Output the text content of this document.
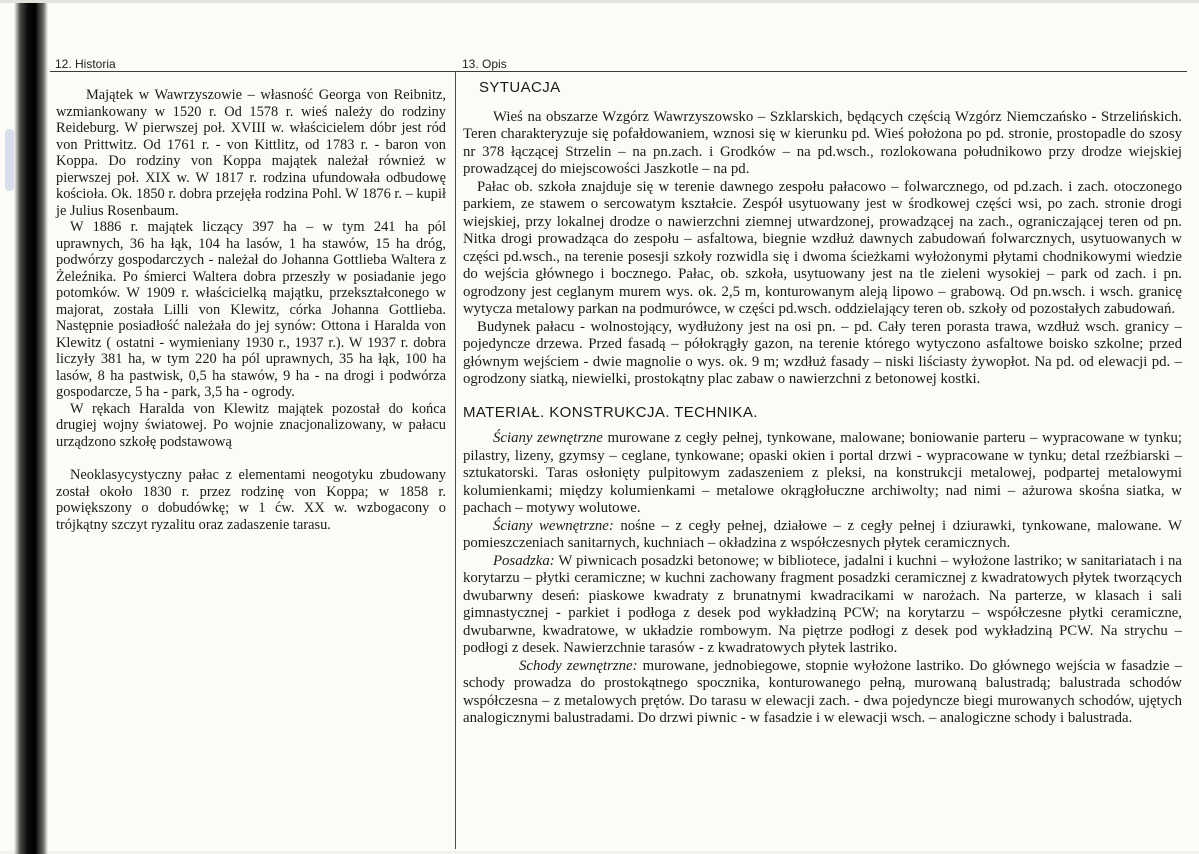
12. Historia	13. Opis

Majątek w Wawrzyszowie – własność Georga von Reibnitz, wzmiankowany w 1520 r. Od 1578 r. wieś należy do rodziny Reideburg. W pierwszej poł. XVIII w. właścicielem dóbr jest ród von Prittwitz. Od 1761 r. - von Kittlitz, od 1783 r. - baron von Koppa. Do rodziny von Koppa majątek należał również w pierwszej poł. XIX w. W 1817 r. rodzina ufundowała odbudowę kościoła. Ok. 1850 r. dobra przejęła rodzina Pohl. W 1876 r. – kupił je Julius Rosenbaum.

W 1886 r. majątek liczący 397 ha – w tym 241 ha pól uprawnych, 36 ha łąk, 104 ha lasów, 1 ha stawów, 15 ha dróg, podwórzy gospodarczych - należał do Johanna Gottlieba Waltera z Żeleźnika. Po śmierci Waltera dobra przeszły w posiadanie jego potomków. W 1909 r. właścicielką majątku, przekształconego w majorat, została Lilli von Klewitz, córka Johanna Gottlieba. Następnie posiadłość należała do jej synów: Ottona i Haralda von Klewitz ( ostatni - wymieniany 1930 r., 1937 r.). W 1937 r. dobra liczyły 381 ha, w tym 220 ha pól uprawnych, 35 ha łąk, 100 ha lasów, 8 ha pastwisk, 0,5 ha stawów, 9 ha - na drogi i podwórza gospodarcze, 5 ha - park, 3,5 ha - ogrody.

W rękach Haralda von Klewitz majątek pozostał do końca drugiej wojny światowej. Po wojnie znacjonalizowany, w pałacu urządzono szkołę podstawową

Neoklasycystyczny pałac z elementami neogotyku zbudowany został około 1830 r. przez rodzinę von Koppa; w 1858 r. powiększony o dobudówkę; w 1 ćw. XX w. wzbogacony o trójkątny szczyt ryzalitu oraz zadaszenie tarasu.

SYTUACJA

Wieś na obszarze Wzgórz Wawrzyszowsko – Szklarskich, będących częścią Wzgórz Niemczańsko - Strzelińskich. Teren charakteryzuje się pofałdowaniem, wznosi się w kierunku pd. Wieś położona po pd. stronie, prostopadle do szosy nr 378 łączącej Strzelin – na pn.zach. i Grodków – na pd.wsch., rozlokowana południkowo przy drodze wiejskiej prowadzącej do miejscowości Jaszkotle – na pd.

Pałac ob. szkoła znajduje się w terenie dawnego zespołu pałacowo – folwarcznego, od pd.zach. i zach. otoczonego parkiem, ze stawem o sercowatym kształcie. Zespół usytuowany jest w środkowej części wsi, po zach. stronie drogi wiejskiej, przy lokalnej drodze o nawierzchni ziemnej utwardzonej, prowadzącej na zach., ograniczającej teren od pn. Nitka drogi prowadząca do zespołu – asfaltowa, biegnie wzdłuż dawnych zabudowań folwarcznych, usytuowanych w części pd.wsch., na terenie posesji szkoły rozwidla się i dwoma ścieżkami wyłożonymi płytami chodnikowymi wiedzie do wejścia głównego i bocznego. Pałac, ob. szkoła, usytuowany jest na tle zieleni wysokiej – park od zach. i pn. ogrodzony jest ceglanym murem wys. ok. 2,5 m, konturowanym aleją lipowo – grabową. Od pn.wsch. i wsch. granicę wytycza metalowy parkan na podmurówce, w części pd.wsch. oddzielający teren ob. szkoły od pozostałych zabudowań.

Budynek pałacu - wolnostojący, wydłużony jest na osi pn. – pd. Cały teren porasta trawa, wzdłuż wsch. granicy – pojedyncze drzewa. Przed fasadą – półokrągły gazon, na terenie którego wytyczono asfaltowe boisko szkolne; przed głównym wejściem - dwie magnolie o wys. ok. 9 m; wzdłuż fasady – niski liściasty żywopłot. Na pd. od elewacji pd. – ogrodzony siatką, niewielki, prostokątny plac zabaw o nawierzchni z betonowej kostki.

MATERIAŁ. KONSTRUKCJA. TECHNIKA.

Ściany zewnętrzne murowane z cegły pełnej, tynkowane, malowane; boniowanie parteru – wypracowane w tynku; pilastry, lizeny, gzymsy – ceglane, tynkowane; opaski okien i portal drzwi - wypracowane w tynku; detal rzeźbiarski – sztukatorski. Taras osłonięty pulpitowym zadaszeniem z pleksi, na konstrukcji metalowej, podpartej metalowymi kolumienkami; między kolumienkami – metalowe okrągłołuczne archiwolty; nad nimi – ażurowa skośna siatka, w pachach – motywy wolutowe.

Ściany wewnętrzne: nośne – z cegły pełnej, działowe – z cegły pełnej i dziurawki, tynkowane, malowane. W pomieszczeniach sanitarnych, kuchniach – okładzina z współczesnych płytek ceramicznych.

Posadzka: W piwnicach posadzki betonowe; w bibliotece, jadalni i kuchni – wyłożone lastriko; w sanitariatach i na korytarzu – płytki ceramiczne; w kuchni zachowany fragment posadzki ceramicznej z kwadratowych płytek tworzących dwubarwny deseń: piaskowe kwadraty z brunatnymi kwadracikami w narożach. Na parterze, w klasach i sali gimnastycznej - parkiet i podłoga z desek pod wykładziną PCW; na korytarzu – współczesne płytki ceramiczne, dwubarwne, kwadratowe, w układzie rombowym. Na piętrze podłogi z desek pod wykładziną PCW. Na strychu – podłogi z desek. Nawierzchnie tarasów - z kwadratowych płytek lastriko.

Schody zewnętrzne: murowane, jednobiegowe, stopnie wyłożone lastriko. Do głównego wejścia w fasadzie – schody prowadza do prostokątnego spocznika, konturowanego pełną, murowaną balustradą; balustrada schodów współczesna – z metalowych prętów. Do tarasu w elewacji zach. - dwa pojedyncze biegi murowanych schodów, ujętych analogicznymi balustradami. Do drzwi piwnic - w fasadzie i w elewacji wsch. – analogiczne schody i balustrada.
